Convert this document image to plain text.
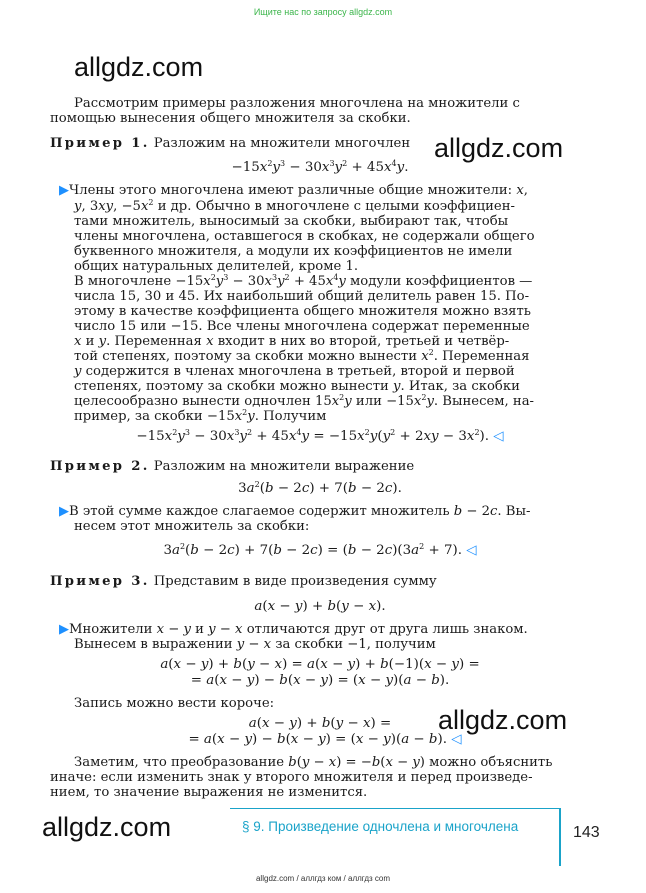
Ищите нас по запросу allgdz.com
allgdz.com
allgdz.com
allgdz.com
allgdz.com
Рассмотрим примеры разложения многочлена на множители с
помощью вынесения общего множителя за скобки.
Пример 1. Разложим на множители многочлен
$-15x^2y^3 - 30x^3y^2 + 45x^4y$.
▶Члены этого многочлена имеют различные общие множители: x,
y, 3xy, $-5x^2$ и др. Обычно в многочлене с целыми коэффициен-
тами множитель, выносимый за скобки, выбирают так, чтобы
члены многочлена, оставшегося в скобках, не содержали общего
буквенного множителя, а модули их коэффициентов не имели
общих натуральных делителей, кроме 1.
В многочлене $-15x^2y^3 - 30x^3y^2 + 45x^4y$ модули коэффициентов —
числа 15, 30 и 45. Их наибольший общий делитель равен 15. По-
этому в качестве коэффициента общего множителя можно взять
число 15 или −15. Все члены многочлена содержат переменные
x и y. Переменная x входит в них во второй, третьей и четвёр-
той степенях, поэтому за скобки можно вынести $x^2$. Переменная
y содержится в членах многочлена в третьей, второй и первой
степенях, поэтому за скобки можно вынести y. Итак, за скобки
целесообразно вынести одночлен $15x^2y$ или $-15x^2y$. Вынесем, на-
пример, за скобки $-15x^2y$. Получим
$-15x^2y^3 - 30x^3y^2 + 45x^4y = -15x^2y(y^2 + 2xy - 3x^2)$. ◁
Пример 2. Разложим на множители выражение
$3a^2(b - 2c) + 7(b - 2c)$.
▶В этой сумме каждое слагаемое содержит множитель b − 2c. Вы-
несем этот множитель за скобки:
$3a^2(b - 2c) + 7(b - 2c) = (b - 2c)(3a^2 + 7)$. ◁
Пример 3. Представим в виде произведения сумму
a(x − y) + b(y − x).
▶Множители x − y и y − x отличаются друг от друга лишь знаком.
Вынесем в выражении y − x за скобки −1, получим
a(x − y) + b(y − x) = a(x − y) + b(−1)(x − y) =
= a(x − y) − b(x − y) = (x − y)(a − b).
Запись можно вести короче:
a(x − y) + b(y − x) =
= a(x − y) − b(x − y) = (x − y)(a − b). ◁
Заметим, что преобразование b(y − x) = −b(x − y) можно объяснить
иначе: если изменить знак у второго множителя и перед произведе-
нием, то значение выражения не изменится.
§ 9. Произведение одночлена и многочлена	143
allgdz.com / аллгдз ком / аллгдз com
